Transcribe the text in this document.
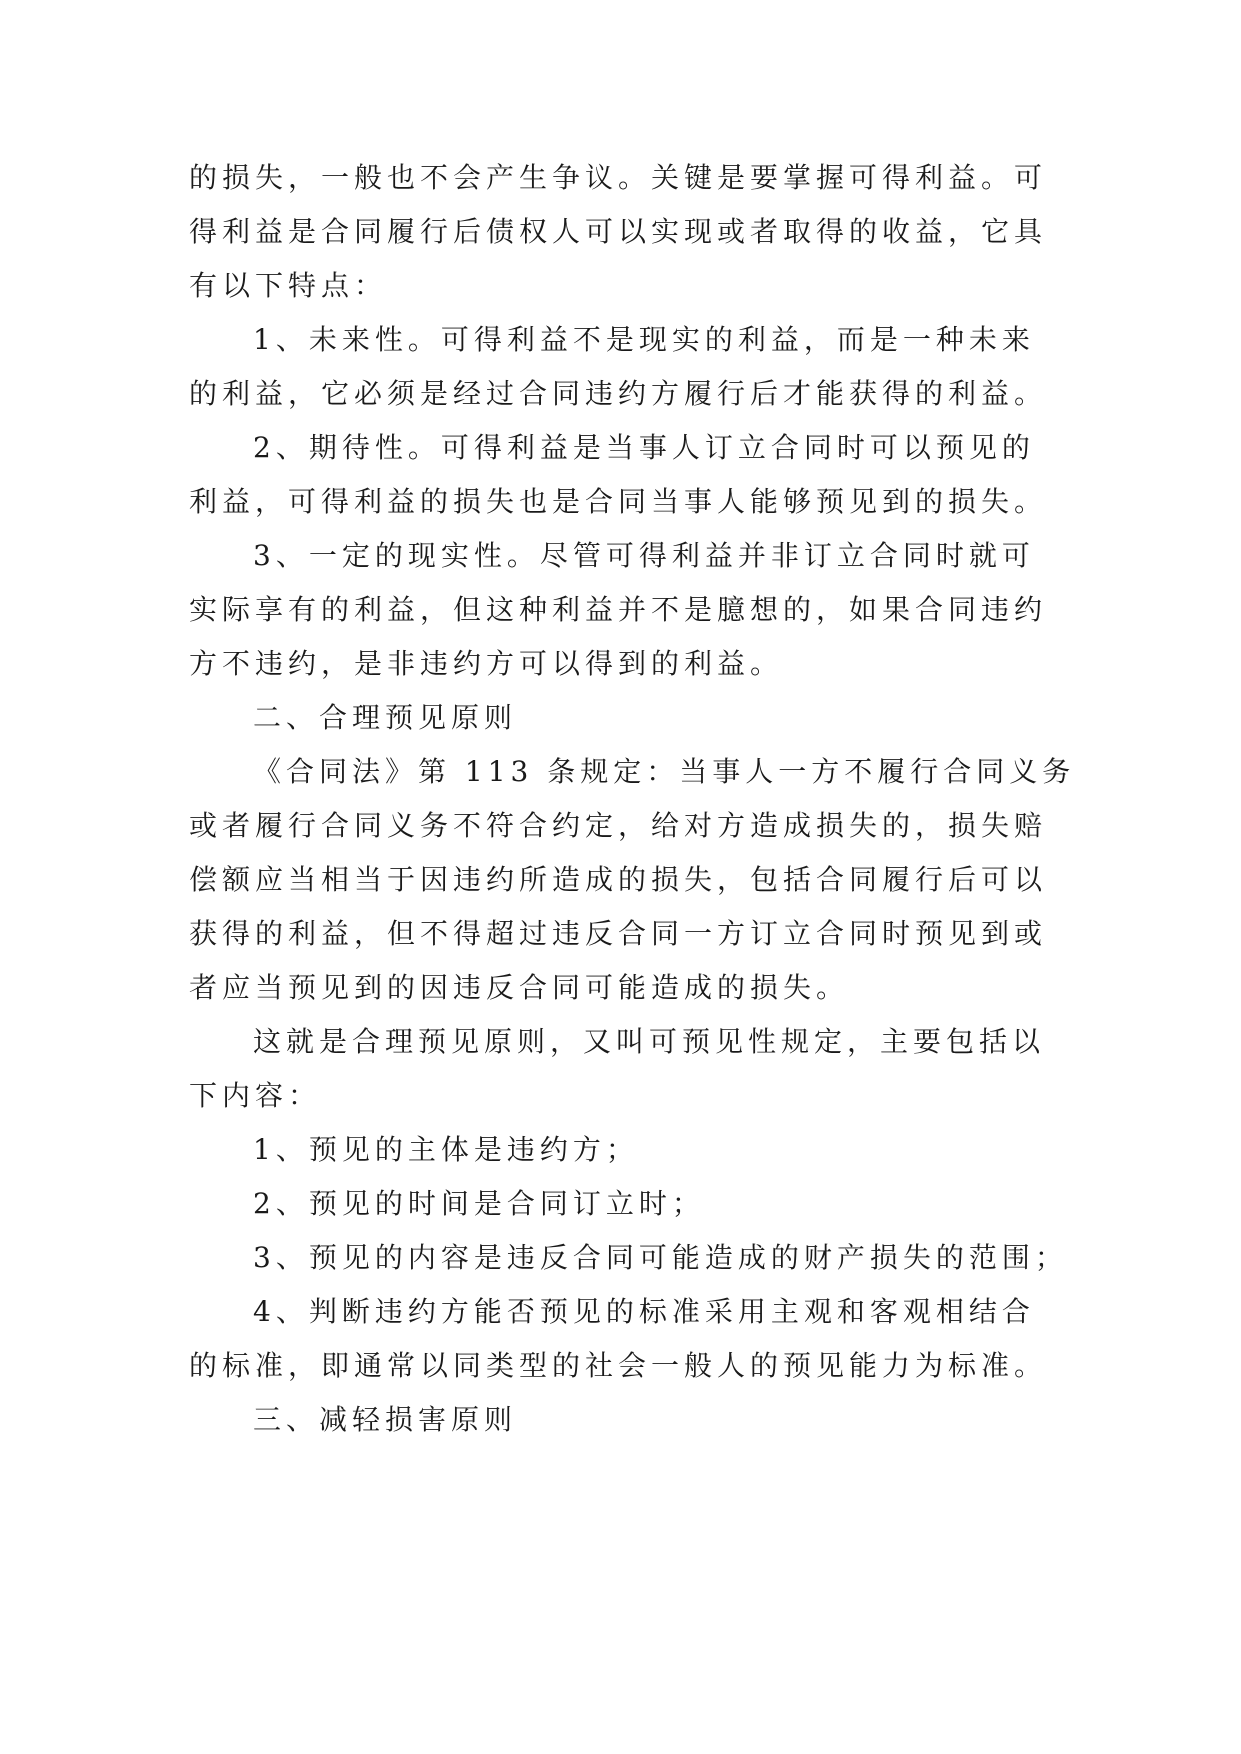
的损失，一般也不会产生争议。关键是要掌握可得利益。可
得利益是合同履行后债权人可以实现或者取得的收益，它具
有以下特点：
1、未来性。可得利益不是现实的利益，而是一种未来
的利益，它必须是经过合同违约方履行后才能获得的利益。
2、期待性。可得利益是当事人订立合同时可以预见的
利益，可得利益的损失也是合同当事人能够预见到的损失。
3、一定的现实性。尽管可得利益并非订立合同时就可
实际享有的利益，但这种利益并不是臆想的，如果合同违约
方不违约，是非违约方可以得到的利益。
二、合理预见原则
《合同法》第 113 条规定：当事人一方不履行合同义务
或者履行合同义务不符合约定，给对方造成损失的，损失赔
偿额应当相当于因违约所造成的损失，包括合同履行后可以
获得的利益，但不得超过违反合同一方订立合同时预见到或
者应当预见到的因违反合同可能造成的损失。
这就是合理预见原则，又叫可预见性规定，主要包括以
下内容：
1、预见的主体是违约方；
2、预见的时间是合同订立时；
3、预见的内容是违反合同可能造成的财产损失的范围；
4、判断违约方能否预见的标准采用主观和客观相结合
的标准，即通常以同类型的社会一般人的预见能力为标准。
三、减轻损害原则
